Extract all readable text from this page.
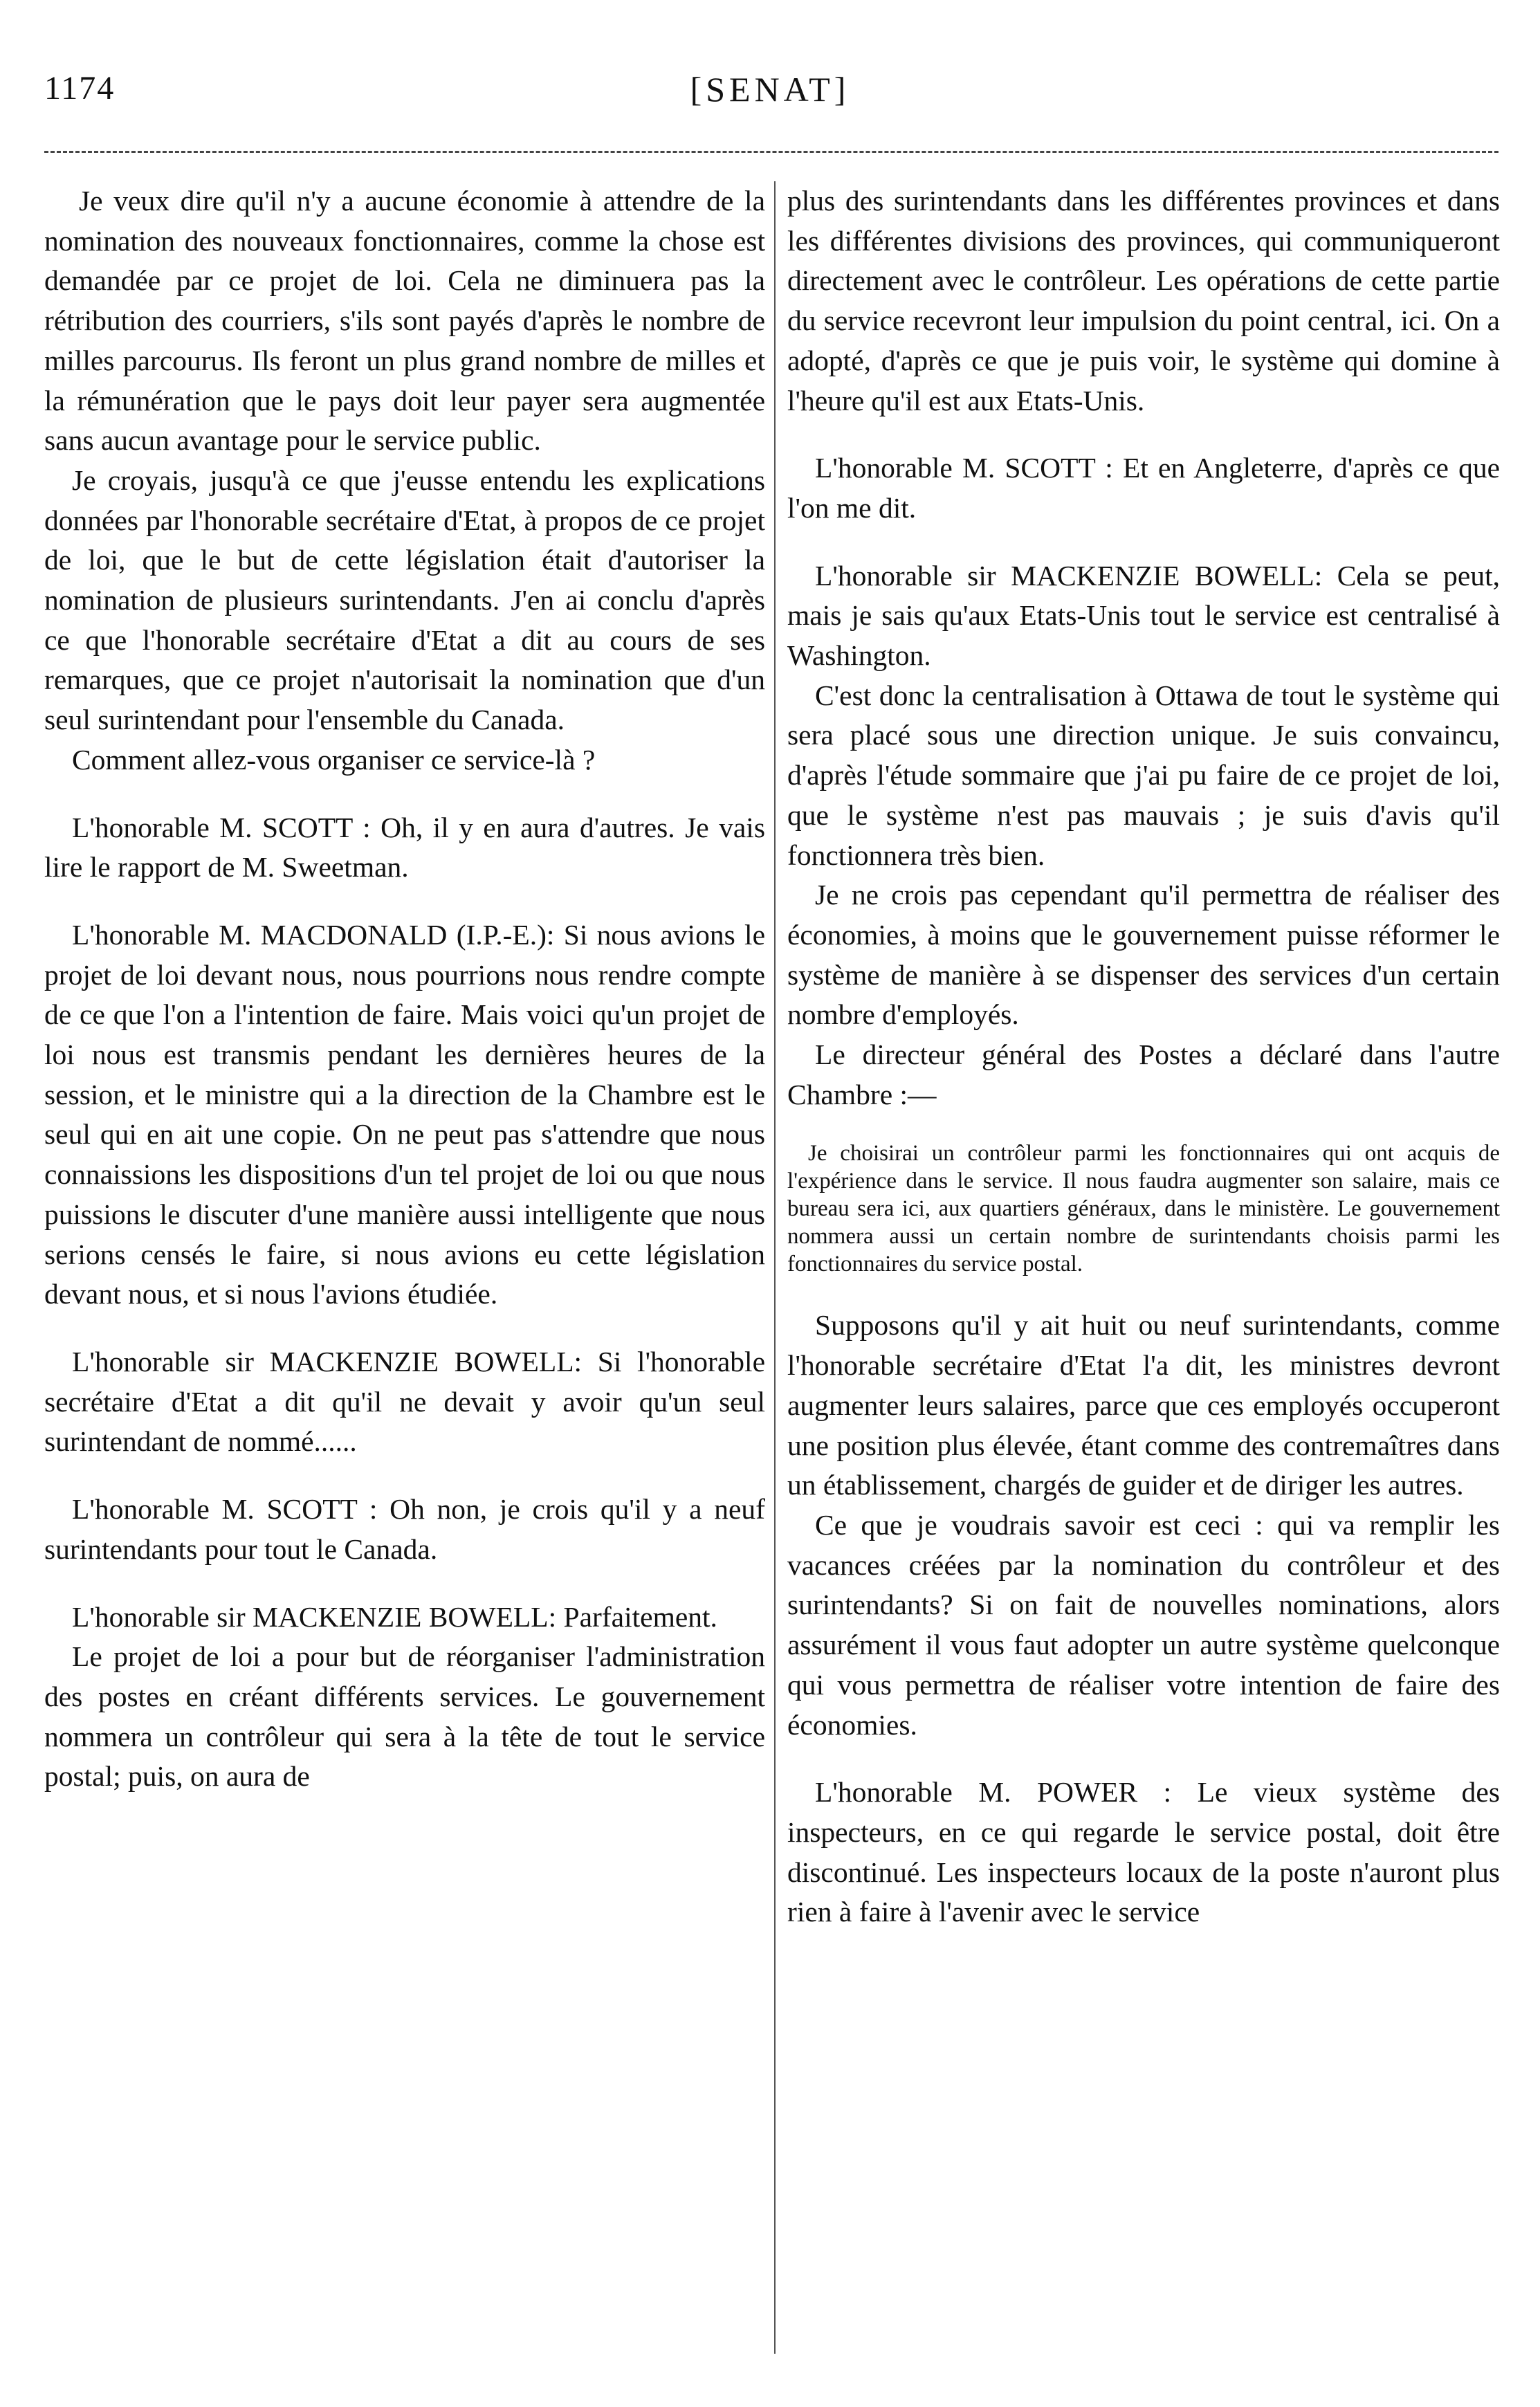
1174	[SENAT]

Je veux dire qu'il n'y a aucune économie à attendre de la nomination des nouveaux fonctionnaires, comme la chose est demandée par ce projet de loi. Cela ne diminuera pas la rétribution des courriers, s'ils sont payés d'après le nombre de milles parcourus. Ils feront un plus grand nombre de milles et la rémunération que le pays doit leur payer sera augmentée sans aucun avantage pour le service public.

Je croyais, jusqu'à ce que j'eusse entendu les explications données par l'honorable secrétaire d'Etat, à propos de ce projet de loi, que le but de cette législation était d'autoriser la nomination de plusieurs surintendants. J'en ai conclu d'après ce que l'honorable secrétaire d'Etat a dit au cours de ses remarques, que ce projet n'autorisait la nomination que d'un seul surintendant pour l'ensemble du Canada.

Comment allez-vous organiser ce service-là ?

L'honorable M. SCOTT : Oh, il y en aura d'autres. Je vais lire le rapport de M. Sweetman.

L'honorable M. MACDONALD (I.P.-E.): Si nous avions le projet de loi devant nous, nous pourrions nous rendre compte de ce que l'on a l'intention de faire. Mais voici qu'un projet de loi nous est transmis pendant les dernières heures de la session, et le ministre qui a la direction de la Chambre est le seul qui en ait une copie. On ne peut pas s'attendre que nous connaissions les dispositions d'un tel projet de loi ou que nous puissions le discuter d'une manière aussi intelligente que nous serions censés le faire, si nous avions eu cette législation devant nous, et si nous l'avions étudiée.

L'honorable sir MACKENZIE BOWELL: Si l'honorable secrétaire d'Etat a dit qu'il ne devait y avoir qu'un seul surintendant de nommé......

L'honorable M. SCOTT : Oh non, je crois qu'il y a neuf surintendants pour tout le Canada.

L'honorable sir MACKENZIE BOWELL: Parfaitement.

Le projet de loi a pour but de réorganiser l'administration des postes en créant différents services. Le gouvernement nommera un contrôleur qui sera à la tête de tout le service postal; puis, on aura de

plus des surintendants dans les différentes provinces et dans les différentes divisions des provinces, qui communiqueront directement avec le contrôleur. Les opérations de cette partie du service recevront leur impulsion du point central, ici. On a adopté, d'après ce que je puis voir, le système qui domine à l'heure qu'il est aux Etats-Unis.

L'honorable M. SCOTT : Et en Angleterre, d'après ce que l'on me dit.

L'honorable sir MACKENZIE BOWELL: Cela se peut, mais je sais qu'aux Etats-Unis tout le service est centralisé à Washington.

C'est donc la centralisation à Ottawa de tout le système qui sera placé sous une direction unique. Je suis convaincu, d'après l'étude sommaire que j'ai pu faire de ce projet de loi, que le système n'est pas mauvais ; je suis d'avis qu'il fonctionnera très bien.

Je ne crois pas cependant qu'il permettra de réaliser des économies, à moins que le gouvernement puisse réformer le système de manière à se dispenser des services d'un certain nombre d'employés.

Le directeur général des Postes a déclaré dans l'autre Chambre :—

Je choisirai un contrôleur parmi les fonctionnaires qui ont acquis de l'expérience dans le service. Il nous faudra augmenter son salaire, mais ce bureau sera ici, aux quartiers généraux, dans le ministère. Le gouvernement nommera aussi un certain nombre de surintendants choisis parmi les fonctionnaires du service postal.

Supposons qu'il y ait huit ou neuf surintendants, comme l'honorable secrétaire d'Etat l'a dit, les ministres devront augmenter leurs salaires, parce que ces employés occuperont une position plus élevée, étant comme des contremaîtres dans un établissement, chargés de guider et de diriger les autres.

Ce que je voudrais savoir est ceci : qui va remplir les vacances créées par la nomination du contrôleur et des surintendants? Si on fait de nouvelles nominations, alors assurément il vous faut adopter un autre système quelconque qui vous permettra de réaliser votre intention de faire des économies.

L'honorable M. POWER : Le vieux système des inspecteurs, en ce qui regarde le service postal, doit être discontinué. Les inspecteurs locaux de la poste n'auront plus rien à faire à l'avenir avec le service
